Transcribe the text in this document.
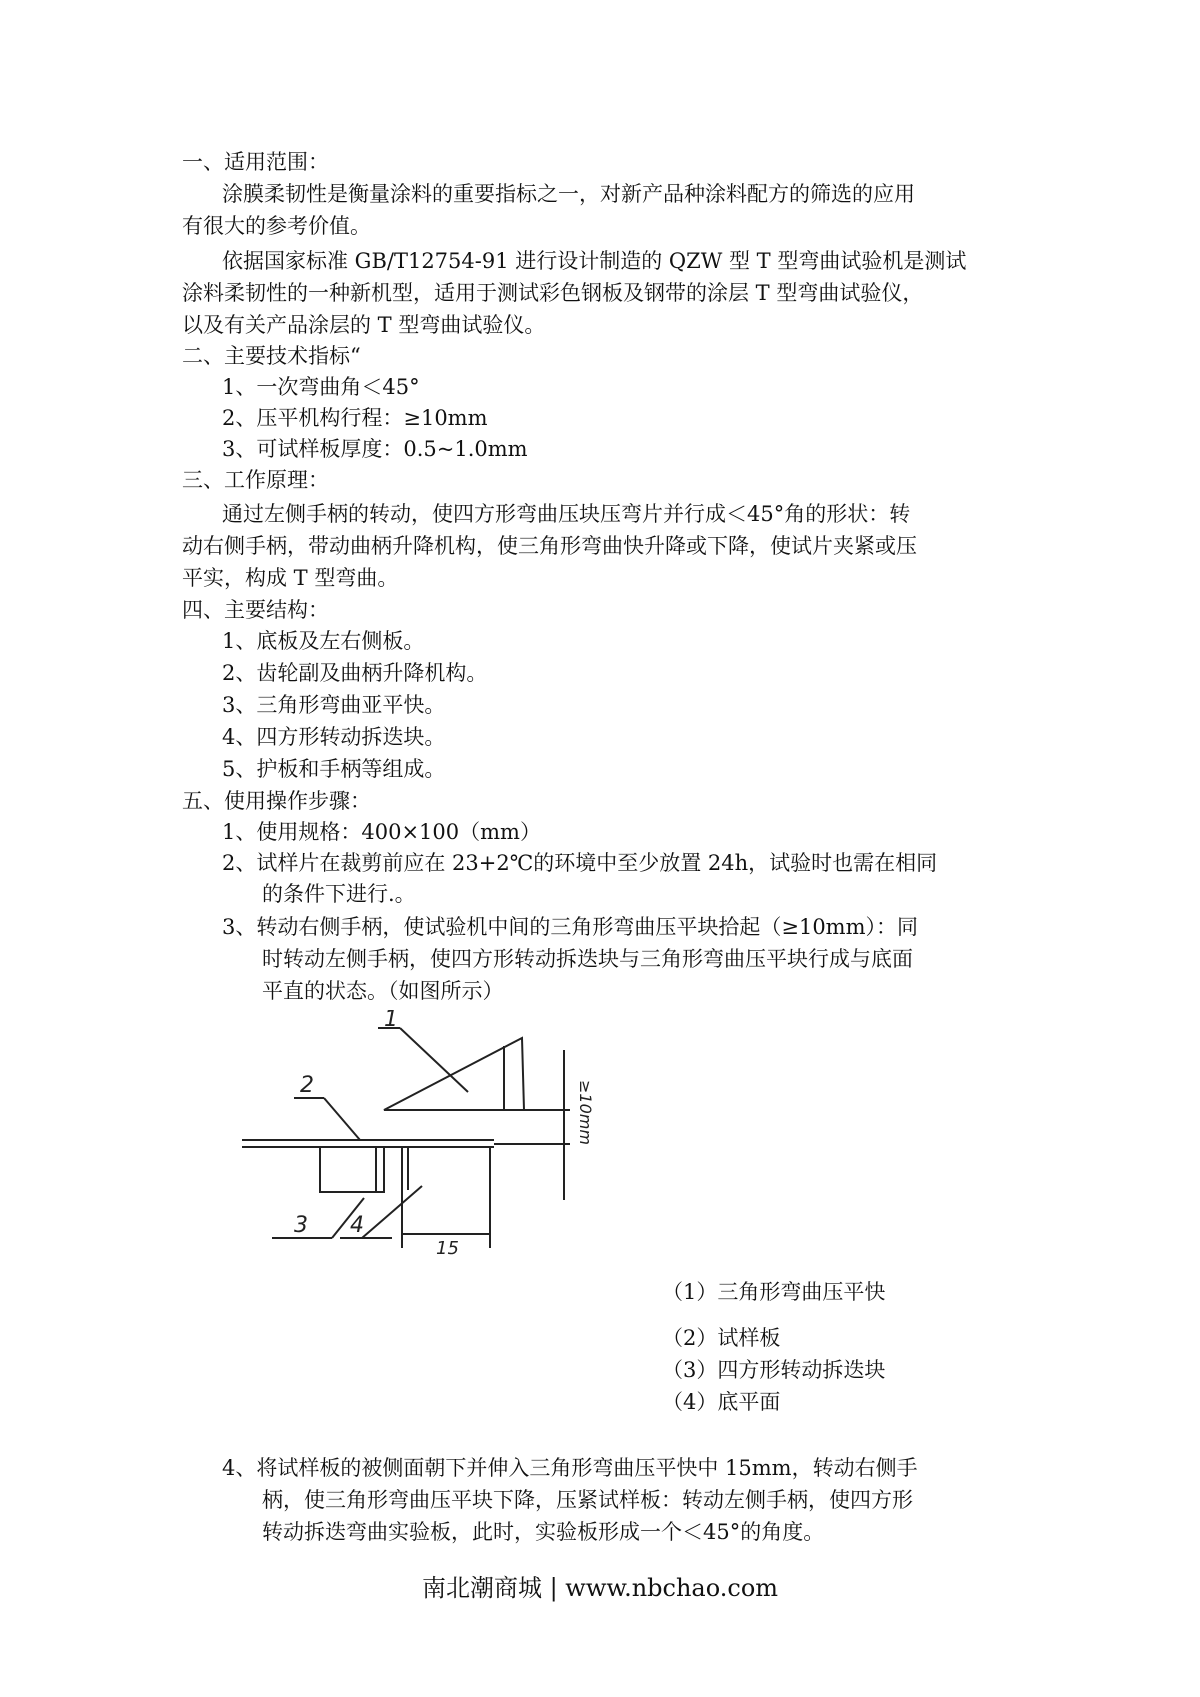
一、适用范围：
涂膜柔韧性是衡量涂料的重要指标之一，对新产品种涂料配方的筛选的应用
有很大的参考价值。
依据国家标准 GB/T12754-91 进行设计制造的 QZW 型 T 型弯曲试验机是测试
涂料柔韧性的一种新机型，适用于测试彩色钢板及钢带的涂层 T 型弯曲试验仪，
以及有关产品涂层的 T 型弯曲试验仪。
二、主要技术指标“
1、一次弯曲角＜45°
2、压平机构行程：≥10mm
3、可试样板厚度：0.5~1.0mm
三、工作原理：
通过左侧手柄的转动，使四方形弯曲压块压弯片并行成＜45°角的形状：转
动右侧手柄，带动曲柄升降机构，使三角形弯曲快升降或下降，使试片夹紧或压
平实，构成 T 型弯曲。
四、主要结构：
1、底板及左右侧板。
2、齿轮副及曲柄升降机构。
3、三角形弯曲亚平快。
4、四方形转动拆迭块。
5、护板和手柄等组成。
五、使用操作步骤：
1、使用规格：400×100（mm）
2、试样片在裁剪前应在 23+2℃的环境中至少放置 24h，试验时也需在相同
的条件下进行.。
3、转动右侧手柄，使试验机中间的三角形弯曲压平块拾起（≥10mm）：同
时转动左侧手柄，使四方形转动拆迭块与三角形弯曲压平块行成与底面
平直的状态。（如图所示）
1
2
3 4
15
≥10mm
（1）三角形弯曲压平快
（2）试样板
（3）四方形转动拆迭块
（4）底平面
4、将试样板的被侧面朝下并伸入三角形弯曲压平快中 15mm，转动右侧手
柄，使三角形弯曲压平块下降，压紧试样板：转动左侧手柄，使四方形
转动拆迭弯曲实验板，此时，实验板形成一个＜45°的角度。
南北潮商城 | www.nbchao.com
